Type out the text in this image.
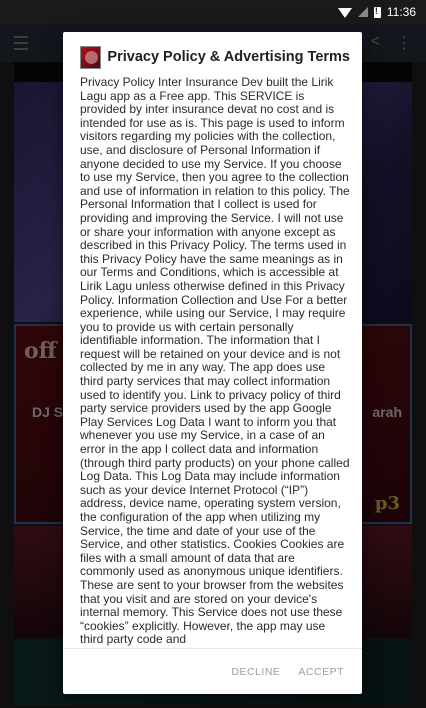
!
11:36
Privacy Policy & Advertising Terms
Privacy Policy Inter Insurance Dev built the Lirik Lagu app as a Free app. This SERVICE is provided by inter insurance devat no cost and is intended for use as is. This page is used to inform visitors regarding my policies with the collection, use, and disclosure of Personal Information if anyone decided to use my Service. If you choose to use my Service, then you agree to the collection and use of information in relation to this policy. The Personal Information that I collect is used for providing and improving the Service. I will not use or share your information with anyone except as described in this Privacy Policy. The terms used in this Privacy Policy have the same meanings as in our Terms and Conditions, which is accessible at Lirik Lagu unless otherwise defined in this Privacy Policy. Information Collection and Use For a better experience, while using our Service, I may require you to provide us with certain personally identifiable information. The information that I request will be retained on your device and is not collected by me in any way. The app does use third party services that may collect information used to identify you. Link to privacy policy of third party service providers used by the app Google Play Services Log Data I want to inform you that whenever you use my Service, in a case of an error in the app I collect data and information (through third party products) on your phone called Log Data. This Log Data may include information such as your device Internet Protocol (“IP”) address, device name, operating system version, the configuration of the app when utilizing my Service, the time and date of your use of the Service, and other statistics. Cookies Cookies are files with a small amount of data that are commonly used as anonymous unique identifiers. These are sent to your browser from the websites that you visit and are stored on your device's internal memory. This Service does not use these “cookies” explicitly. However, the app may use third party code and
DECLINE ACCEPT
